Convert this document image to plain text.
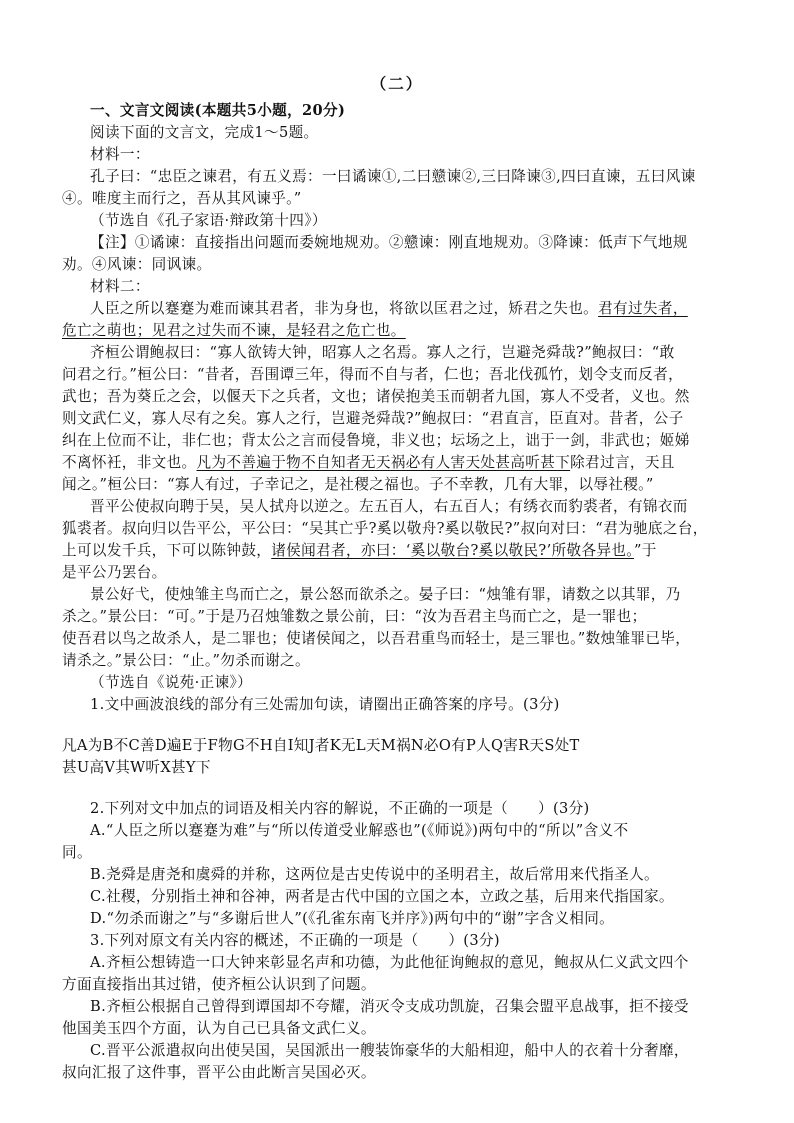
（二）
一、文言文阅读(本题共5小题，20分)
阅读下面的文言文，完成1～5题。
材料一：
孔子曰：“忠臣之谏君，有五义焉：一曰谲谏①,二曰戆谏②,三曰降谏③,四曰直谏，五曰风谏
④。唯度主而行之，吾从其风谏乎。”
（节选自《孔子家语·辩政第十四》）
【注】①谲谏：直接指出问题而委婉地规劝。②戆谏：刚直地规劝。③降谏：低声下气地规
劝。④风谏：同讽谏。
材料二：
人臣之所以蹇蹇为难而谏其君者，非为身也，将欲以匡君之过，矫君之失也。君有过失者，
危亡之萌也；见君之过失而不谏，是轻君之危亡也。
齐桓公谓鲍叔曰：“寡人欲铸大钟，昭寡人之名焉。寡人之行，岂避尧舜哉?”鲍叔曰：“敢
问君之行。”桓公曰：“昔者，吾围谭三年，得而不自与者，仁也；吾北伐孤竹，划令支而反者，
武也；吾为葵丘之会，以偃天下之兵者，文也；诸侯抱美玉而朝者九国，寡人不受者，义也。然
则文武仁义，寡人尽有之矣。寡人之行，岂避尧舜哉?”鲍叔曰：“君直言，臣直对。昔者，公子
纠在上位而不让，非仁也；背太公之言而侵鲁境，非义也；坛场之上，诎于一剑，非武也；姬娣
不离怀衽，非文也。凡为不善遍于物不自知者无天祸必有人害天处甚高听甚下除君过言，天且
闻之。”桓公曰：“寡人有过，子幸记之，是社稷之福也。子不幸教，几有大罪，以辱社稷。”
晋平公使叔向聘于吴，吴人拭舟以逆之。左五百人，右五百人；有绣衣而豹裘者，有锦衣而
狐裘者。叔向归以告平公，平公曰：“吴其亡乎?奚以敬舟?奚以敬民?”叔向对曰：“君为驰底之台，
上可以发千兵，下可以陈钟鼓，诸侯闻君者，亦曰：‘奚以敬台?奚以敬民?’所敬各异也。”于
是平公乃罢台。
景公好弋，使烛雏主鸟而亡之，景公怒而欲杀之。晏子曰：“烛雏有罪，请数之以其罪，乃
杀之。”景公曰：“可。”于是乃召烛雏数之景公前，曰：“汝为吾君主鸟而亡之，是一罪也；
使吾君以鸟之故杀人，是二罪也；使诸侯闻之，以吾君重鸟而轻士，是三罪也。”数烛雏罪已毕，
请杀之。”景公曰：“止。”勿杀而谢之。
（节选自《说苑·正谏》）
1.文中画波浪线的部分有三处需加句读，请圈出正确答案的序号。(3分)
凡A为B不C善D遍E于F物G不H自I知J者K无L天M祸N必O有P人Q害R天S处T
甚U高V其W听X甚Y下
2.下列对文中加点的词语及相关内容的解说，不正确的一项是（　　）(3分)
A.“人臣之所以蹇蹇为难”与“所以传道受业解惑也”(《师说》)两句中的“所以”含义不
同。
B.尧舜是唐尧和虞舜的并称，这两位是古史传说中的圣明君主，故后常用来代指圣人。
C.社稷，分别指土神和谷神，两者是古代中国的立国之本，立政之基，后用来代指国家。
D.“勿杀而谢之”与“多谢后世人”(《孔雀东南飞并序》)两句中的“谢”字含义相同。
3.下列对原文有关内容的概述，不正确的一项是（　　）(3分)
A.齐桓公想铸造一口大钟来彰显名声和功德，为此他征询鲍叔的意见，鲍叔从仁义武文四个
方面直接指出其过错，使齐桓公认识到了问题。
B.齐桓公根据自己曾得到谭国却不夸耀，消灭令支成功凯旋，召集会盟平息战事，拒不接受
他国美玉四个方面，认为自己已具备文武仁义。
C.晋平公派遣叔向出使吴国，吴国派出一艘装饰豪华的大船相迎，船中人的衣着十分奢靡，
叔向汇报了这件事，晋平公由此断言吴国必灭。
